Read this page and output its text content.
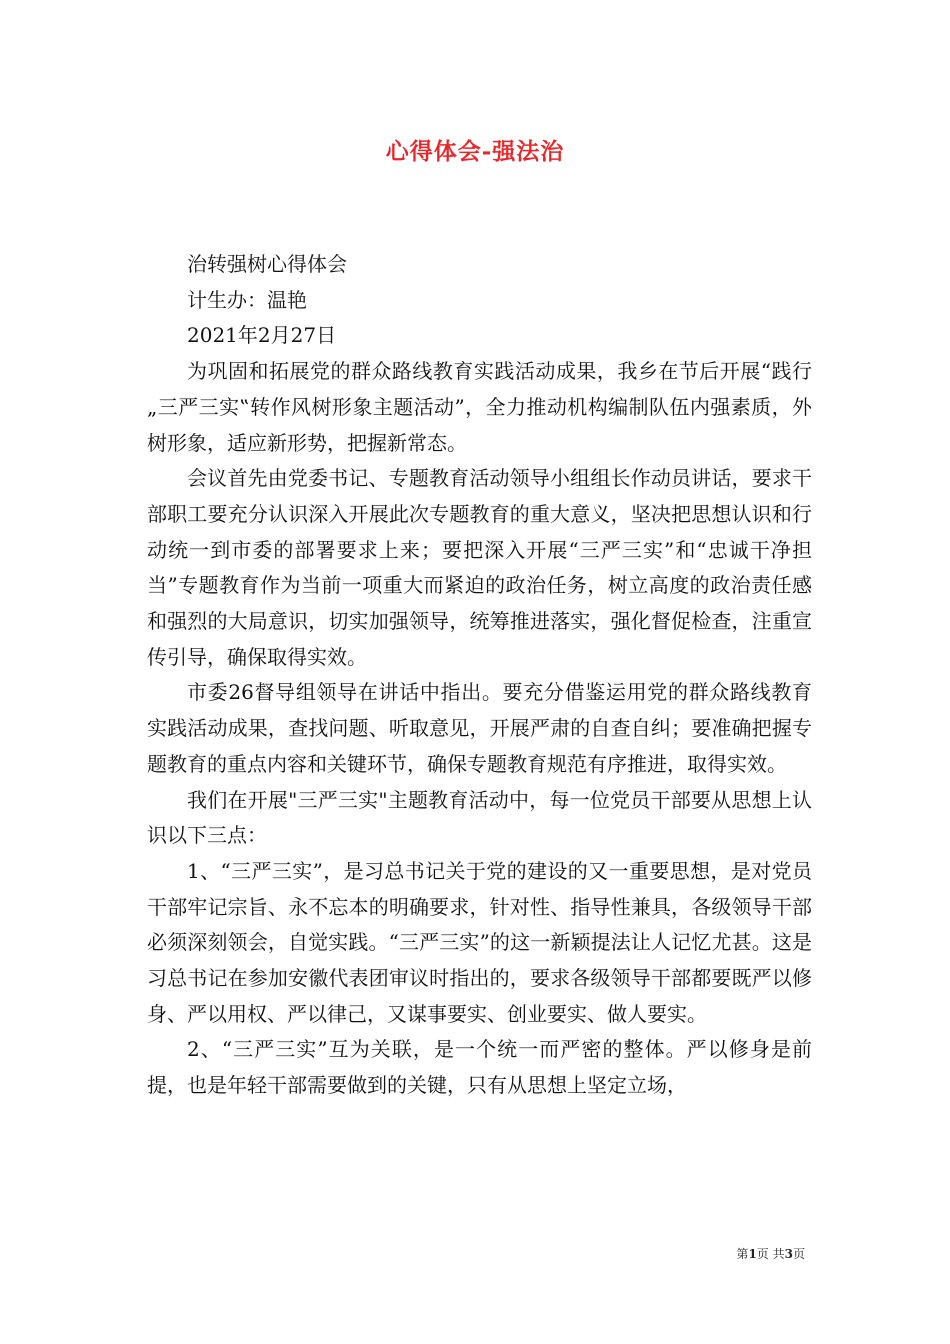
心得体会-强法治

治转强树心得体会

计生办：温艳

2021年2月27日

为巩固和拓展党的群众路线教育实践活动成果，我乡在节后开展“践行„三严三实‟转作风树形象主题活动”，全力推动机构编制队伍内强素质，外树形象，适应新形势，把握新常态。

会议首先由党委书记、专题教育活动领导小组组长作动员讲话，要求干部职工要充分认识深入开展此次专题教育的重大意义，坚决把思想认识和行动统一到市委的部署要求上来；要把深入开展“三严三实”和“忠诚干净担当”专题教育作为当前一项重大而紧迫的政治任务，树立高度的政治责任感和强烈的大局意识，切实加强领导，统筹推进落实，强化督促检查，注重宣传引导，确保取得实效。

市委26督导组领导在讲话中指出。要充分借鉴运用党的群众路线教育实践活动成果，查找问题、听取意见，开展严肃的自查自纠；要准确把握专题教育的重点内容和关键环节，确保专题教育规范有序推进，取得实效。

我们在开展"三严三实"主题教育活动中，每一位党员干部要从思想上认识以下三点：

1、“三严三实”，是习总书记关于党的建设的又一重要思想，是对党员干部牢记宗旨、永不忘本的明确要求，针对性、指导性兼具，各级领导干部必须深刻领会，自觉实践。“三严三实”的这一新颖提法让人记忆尤甚。这是习总书记在参加安徽代表团审议时指出的，要求各级领导干部都要既严以修身、严以用权、严以律己，又谋事要实、创业要实、做人要实。

2、“三严三实”互为关联，是一个统一而严密的整体。严以修身是前提，也是年轻干部需要做到的关键，只有从思想上坚定立场，

第1页 共3页
